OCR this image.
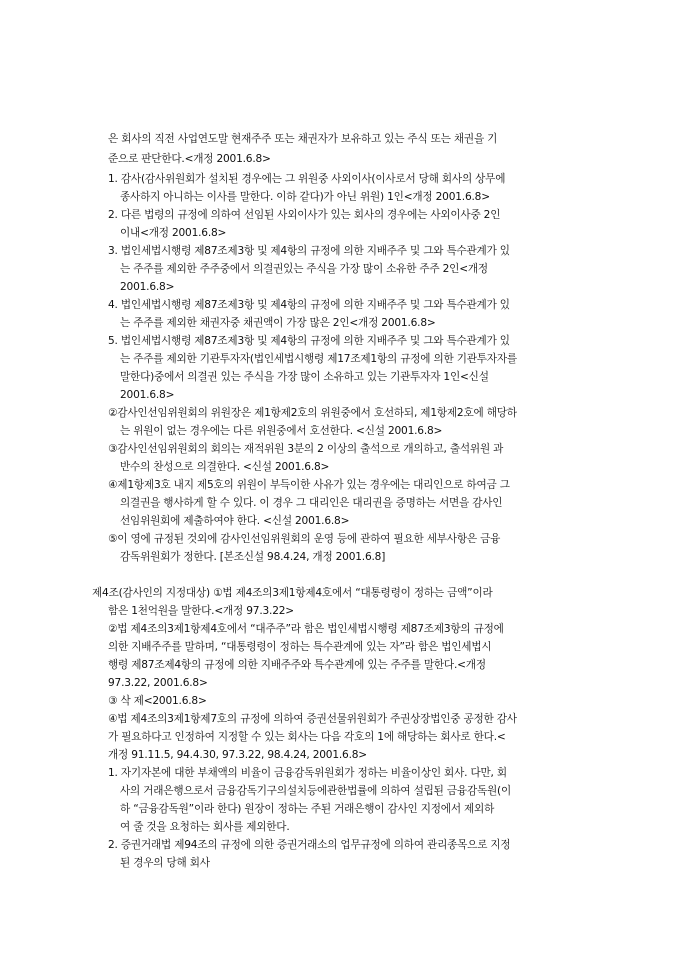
은 회사의 직전 사업연도말 현재주주 또는 채권자가 보유하고 있는 주식 또는 채권을 기
준으로 판단한다.<개정 2001.6.8>
1. 감사(감사위원회가 설치된 경우에는 그 위원중 사외이사(이사로서 당해 회사의 상무에
종사하지 아니하는 이사를 말한다. 이하 같다)가 아닌 위원) 1인<개정 2001.6.8>
2. 다른 법령의 규정에 의하여 선임된 사외이사가 있는 회사의 경우에는 사외이사중 2인
이내<개정 2001.6.8>
3. 법인세법시행령 제87조제3항 및 제4항의 규정에 의한 지배주주 및 그와 특수관계가 있
는 주주를 제외한 주주중에서 의결권있는 주식을 가장 많이 소유한 주주 2인<개정
2001.6.8>
4. 법인세법시행령 제87조제3항 및 제4항의 규정에 의한 지배주주 및 그와 특수관계가 있
는 주주를 제외한 채권자중 채권액이 가장 많은 2인<개정 2001.6.8>
5. 법인세법시행령 제87조제3항 및 제4항의 규정에 의한 지배주주 및 그와 특수관계가 있
는 주주를 제외한 기관투자자(법인세법시행령 제17조제1항의 규정에 의한 기관투자자를
말한다)중에서 의결권 있는 주식을 가장 많이 소유하고 있는 기관투자자 1인<신설
2001.6.8>
②감사인선임위원회의 위원장은 제1항제2호의 위원중에서 호선하되, 제1항제2호에 해당하
는 위원이 없는 경우에는 다른 위원중에서 호선한다. <신설 2001.6.8>
③감사인선임위원회의 회의는 재적위원 3분의 2 이상의 출석으로 개의하고, 출석위원 과
반수의 찬성으로 의결한다. <신설 2001.6.8>
④제1항제3호 내지 제5호의 위원이 부득이한 사유가 있는 경우에는 대리인으로 하여금 그
의결권을 행사하게 할 수 있다. 이 경우 그 대리인은 대리권을 증명하는 서면을 감사인
선임위원회에 제출하여야 한다. <신설 2001.6.8>
⑤이 영에 규정된 것외에 감사인선임위원회의 운영 등에 관하여 필요한 세부사항은 금융
감독위원회가 정한다. [본조신설 98.4.24, 개정 2001.6.8]
제4조(감사인의 지정대상) ①법 제4조의3제1항제4호에서 “대통령령이 정하는 금액”이라
함은 1천억원을 말한다.<개정 97.3.22>
②법 제4조의3제1항제4호에서 “대주주”라 함은 법인세법시행령 제87조제3항의 규정에
의한 지배주주를 말하며, “대통령령이 정하는 특수관계에 있는 자”라 함은 법인세법시
행령 제87조제4항의 규정에 의한 지배주주와 특수관계에 있는 주주를 말한다.<개정
97.3.22, 2001.6.8>
③ 삭 제<2001.6.8>
④법 제4조의3제1항제7호의 규정에 의하여 증권선물위원회가 주권상장법인중 공정한 감사
가 필요하다고 인정하여 지정할 수 있는 회사는 다음 각호의 1에 해당하는 회사로 한다.<
개정 91.11.5, 94.4.30, 97.3.22, 98.4.24, 2001.6.8>
1. 자기자본에 대한 부채액의 비율이 금융감독위원회가 정하는 비율이상인 회사. 다만, 회
사의 거래은행으로서 금융감독기구의설치등에관한법률에 의하여 설립된 금융감독원(이
하 “금융감독원”이라 한다) 원장이 정하는 주된 거래은행이 감사인 지정에서 제외하
여 줄 것을 요청하는 회사를 제외한다.
2. 증권거래법 제94조의 규정에 의한 증권거래소의 업무규정에 의하여 관리종목으로 지정
된 경우의 당해 회사
